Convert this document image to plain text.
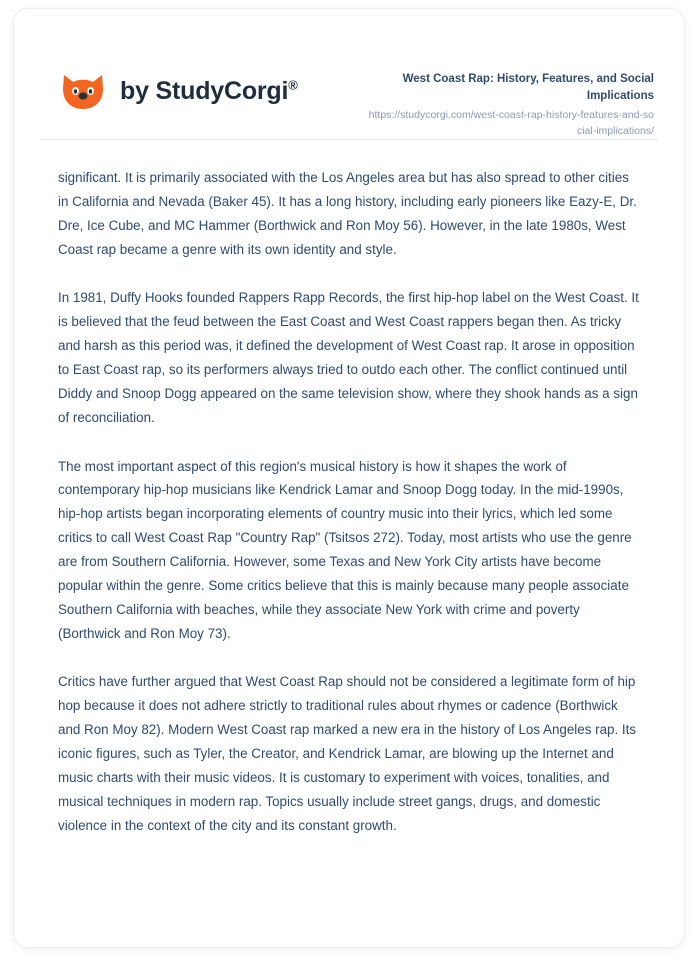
by StudyCorgi®	West Coast Rap: History, Features, and Social Implications

https://studycorgi.com/west-coast-rap-history-features-and-social-implications/

significant. It is primarily associated with the Los Angeles area but has also spread to other cities in California and Nevada (Baker 45). It has a long history, including early pioneers like Eazy-E, Dr. Dre, Ice Cube, and MC Hammer (Borthwick and Ron Moy 56). However, in the late 1980s, West Coast rap became a genre with its own identity and style.

In 1981, Duffy Hooks founded Rappers Rapp Records, the first hip-hop label on the West Coast. It is believed that the feud between the East Coast and West Coast rappers began then. As tricky and harsh as this period was, it defined the development of West Coast rap. It arose in opposition to East Coast rap, so its performers always tried to outdo each other. The conflict continued until Diddy and Snoop Dogg appeared on the same television show, where they shook hands as a sign of reconciliation.

The most important aspect of this region's musical history is how it shapes the work of contemporary hip-hop musicians like Kendrick Lamar and Snoop Dogg today. In the mid-1990s, hip-hop artists began incorporating elements of country music into their lyrics, which led some critics to call West Coast Rap "Country Rap" (Tsitsos 272). Today, most artists who use the genre are from Southern California. However, some Texas and New York City artists have become popular within the genre. Some critics believe that this is mainly because many people associate Southern California with beaches, while they associate New York with crime and poverty (Borthwick and Ron Moy 73).

Critics have further argued that West Coast Rap should not be considered a legitimate form of hip hop because it does not adhere strictly to traditional rules about rhymes or cadence (Borthwick and Ron Moy 82). Modern West Coast rap marked a new era in the history of Los Angeles rap. Its iconic figures, such as Tyler, the Creator, and Kendrick Lamar, are blowing up the Internet and music charts with their music videos. It is customary to experiment with voices, tonalities, and musical techniques in modern rap. Topics usually include street gangs, drugs, and domestic violence in the context of the city and its constant growth.
